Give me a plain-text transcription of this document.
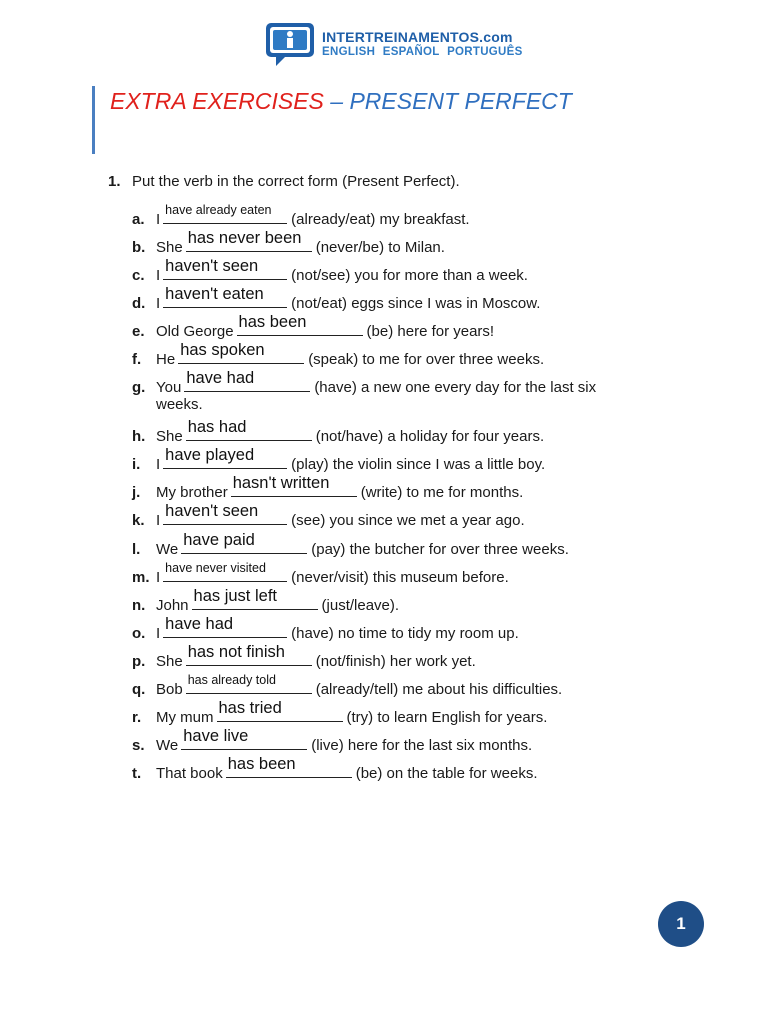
INTERTREINAMENTOS.com
ENGLISH ESPAÑOL PORTUGUÊS
EXTRA EXERCISES – PRESENT PERFECT
1. Put the verb in the correct form (Present Perfect).
a. I
have already eaten
(already/eat) my breakfast.
b. She
has never been
(never/be) to Milan.
c. I
haven't seen
(not/see) you for more than a week.
d. I
haven't eaten
(not/eat) eggs since I was in Moscow.
e. Old George
has been
(be) here for years!
f. He
has spoken
(speak) to me for over three weeks.
g. You
have had
(have) a new one every day for the last six
weeks.
h. She
has had
(not/have) a holiday for four years.
i. I
have played
(play) the violin since I was a little boy.
j. My brother
hasn't written
(write) to me for months.
k. I
haven't seen
(see) you since we met a year ago.
l. We
have paid
(pay) the butcher for over three weeks.
m. I
have never visited
(never/visit) this museum before.
n. John
has just left
(just/leave).
o. I
have had
(have) no time to tidy my room up.
p. She
has not finish
(not/finish) her work yet.
q. Bob
has already told
(already/tell) me about his difficulties.
r. My mum
has tried
(try) to learn English for years.
s. We
have live
(live) here for the last six months.
t. That book
has been
(be) on the table for weeks.
1
